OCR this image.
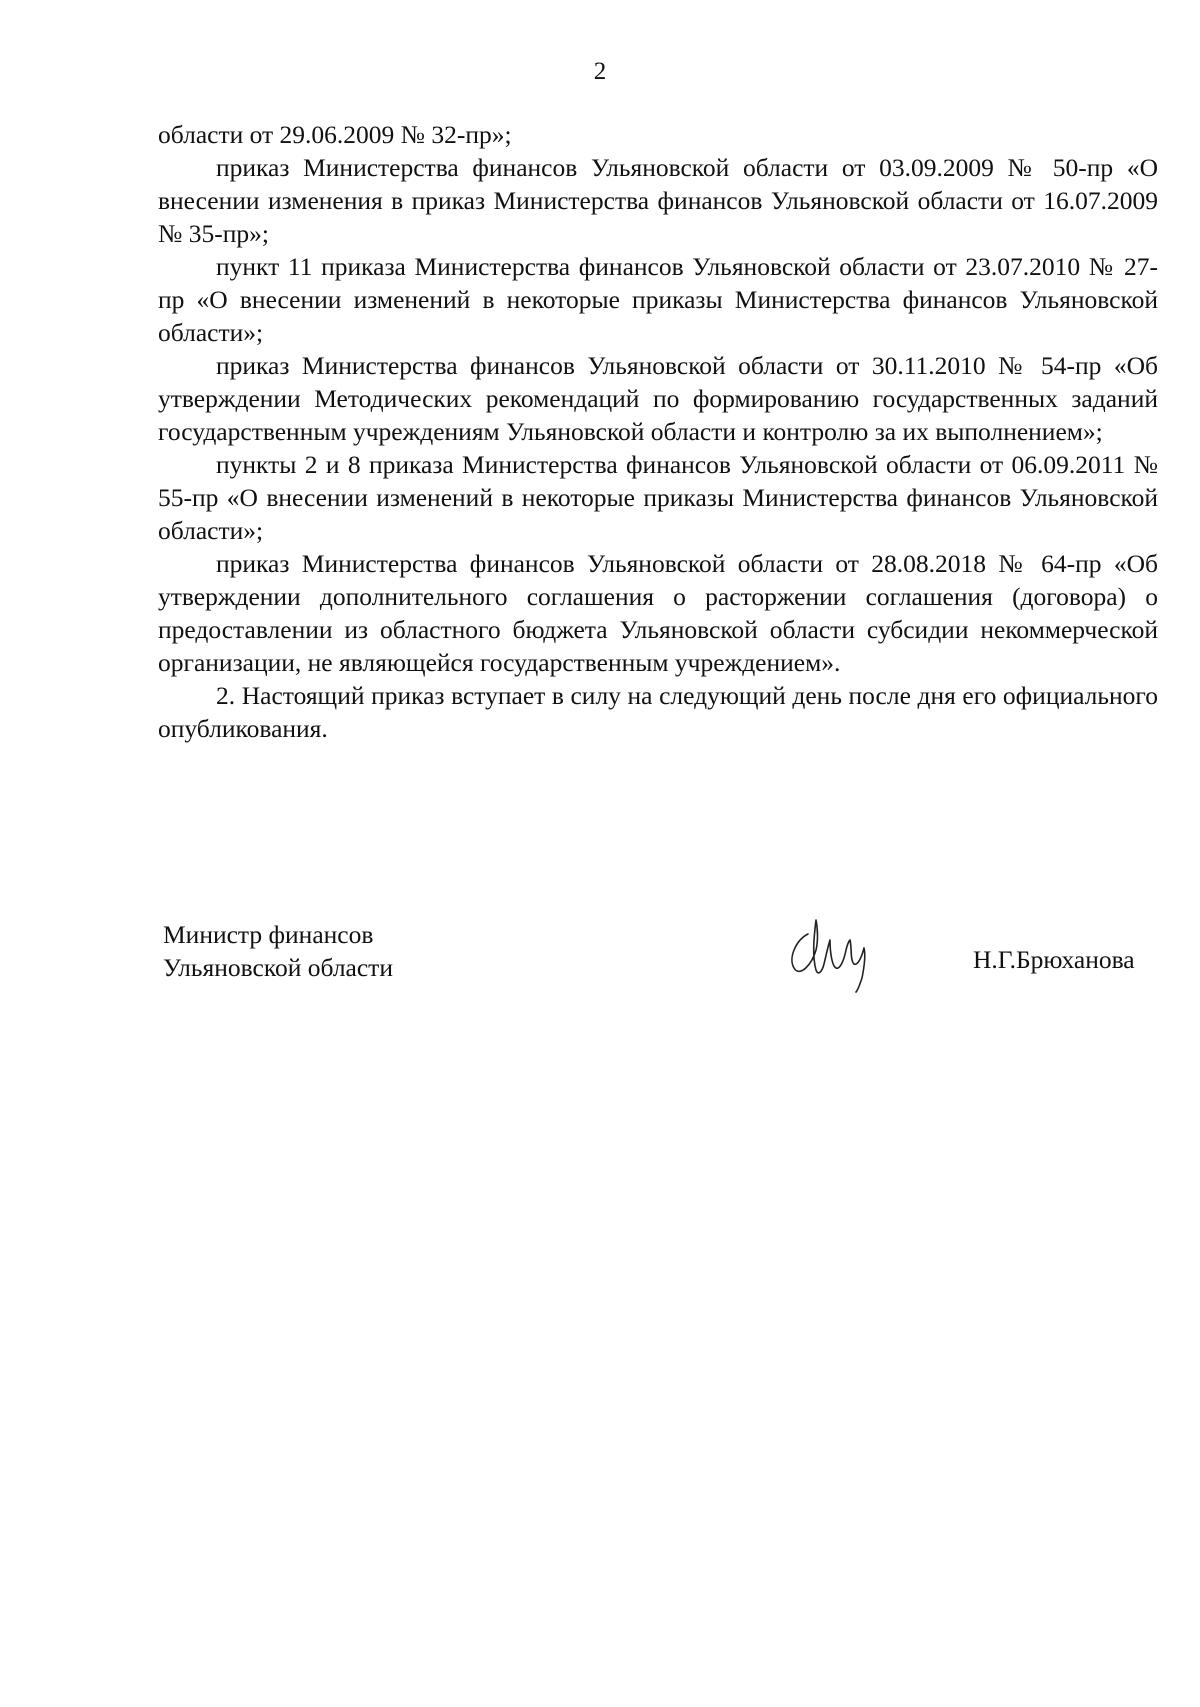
2

области от 29.06.2009 № 32-пр»;

приказ Министерства финансов Ульяновской области от 03.09.2009 № 50-пр «О внесении изменения в приказ Министерства финансов Ульяновской области от 16.07.2009 № 35-пр»;

пункт 11 приказа Министерства финансов Ульяновской области от 23.07.2010 № 27-пр «О внесении изменений в некоторые приказы Министерства финансов Ульяновской области»;

приказ Министерства финансов Ульяновской области от 30.11.2010 № 54-пр «Об утверждении Методических рекомендаций по формированию государственных заданий государственным учреждениям Ульяновской области и контролю за их выполнением»;

пункты 2 и 8 приказа Министерства финансов Ульяновской области от 06.09.2011 № 55-пр «О внесении изменений в некоторые приказы Министерства финансов Ульяновской области»;

приказ Министерства финансов Ульяновской области от 28.08.2018 № 64-пр «Об утверждении дополнительного соглашения о расторжении соглашения (договора) о предоставлении из областного бюджета Ульяновской области субсидии некоммерческой организации, не являющейся государственным учреждением».

2. Настоящий приказ вступает в силу на следующий день после дня его официального опубликования.

Министр финансов
Ульяновской области	Н.Г.Брюханова
